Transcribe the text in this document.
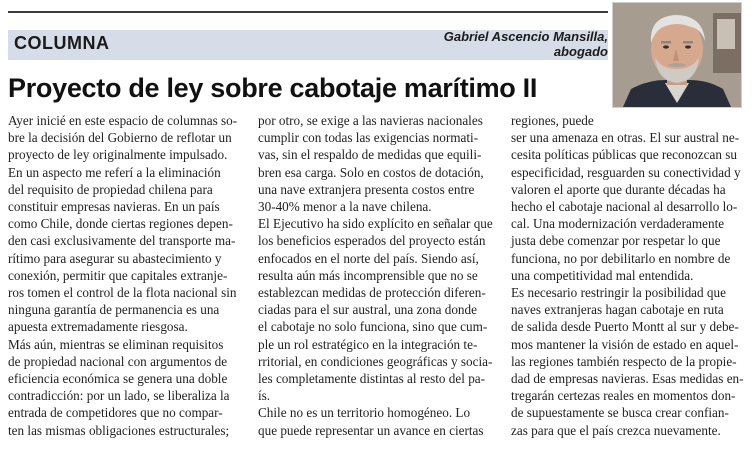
COLUMNA	Gabriel Ascencio Mansilla,
abogado
Proyecto de ley sobre cabotaje marítimo II
Ayer inicié en este espacio de columnas so-
bre la decisión del Gobierno de reflotar un
proyecto de ley originalmente impulsado.
En un aspecto me referí a la eliminación
del requisito de propiedad chilena para
constituir empresas navieras. En un país
como Chile, donde ciertas regiones depen-
den casi exclusivamente del transporte ma-
rítimo para asegurar su abastecimiento y
conexión, permitir que capitales extranje-
ros tomen el control de la flota nacional sin
ninguna garantía de permanencia es una
apuesta extremadamente riesgosa.
Más aún, mientras se eliminan requisitos
de propiedad nacional con argumentos de
eficiencia económica se genera una doble
contradicción: por un lado, se liberaliza la
entrada de competidores que no compar-
ten las mismas obligaciones estructurales;
por otro, se exige a las navieras nacionales
cumplir con todas las exigencias normati-
vas, sin el respaldo de medidas que equili-
bren esa carga. Solo en costos de dotación,
una nave extranjera presenta costos entre
30-40% menor a la nave chilena.
El Ejecutivo ha sido explícito en señalar que
los beneficios esperados del proyecto están
enfocados en el norte del país. Siendo así,
resulta aún más incomprensible que no se
establezcan medidas de protección diferen-
ciadas para el sur austral, una zona donde
el cabotaje no solo funciona, sino que cum-
ple un rol estratégico en la integración te-
rritorial, en condiciones geográficas y socia-
les completamente distintas al resto del pa-
ís.
Chile no es un territorio homogéneo. Lo
que puede representar un avance en ciertas
regiones, puede
ser una amenaza en otras. El sur austral ne-
cesita políticas públicas que reconozcan su
especificidad, resguarden su conectividad y
valoren el aporte que durante décadas ha
hecho el cabotaje nacional al desarrollo lo-
cal. Una modernización verdaderamente
justa debe comenzar por respetar lo que
funciona, no por debilitarlo en nombre de
una competitividad mal entendida.
Es necesario restringir la posibilidad que
naves extranjeras hagan cabotaje en ruta
de salida desde Puerto Montt al sur y debe-
mos mantener la visión de estado en aquel-
las regiones también respecto de la propie-
dad de empresas navieras. Esas medidas en-
tregarán certezas reales en momentos don-
de supuestamente se busca crear confian-
zas para que el país crezca nuevamente.
